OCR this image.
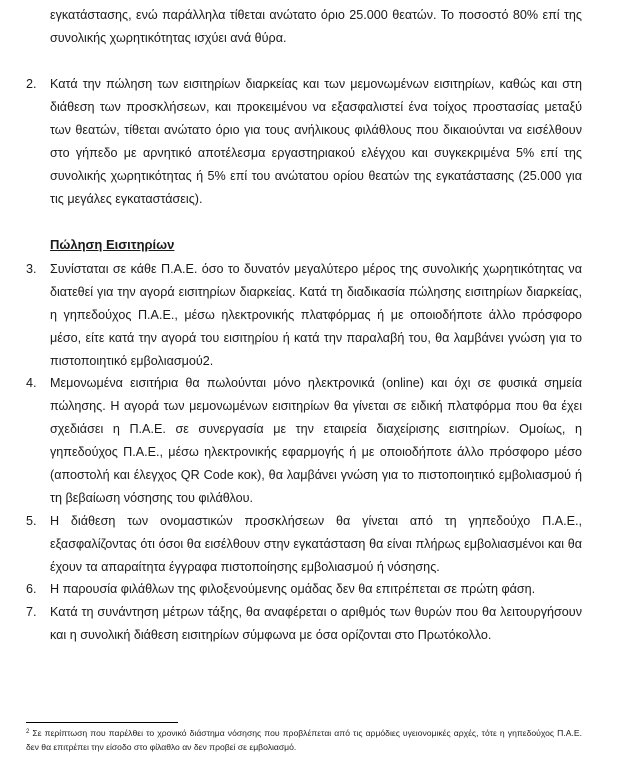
εγκατάστασης, ενώ παράλληλα τίθεται ανώτατο όριο 25.000 θεατών. Το ποσοστό 80% επί της συνολικής χωρητικότητας ισχύει ανά θύρα.
2.	Κατά την πώληση των εισιτηρίων διαρκείας και των μεμονωμένων εισιτηρίων, καθώς και στη διάθεση των προσκλήσεων, και προκειμένου να εξασφαλιστεί ένα τοίχος προστασίας μεταξύ των θεατών, τίθεται ανώτατο όριο για τους ανήλικους φιλάθλους που δικαιούνται να εισέλθουν στο γήπεδο με αρνητικό αποτέλεσμα εργαστηριακού ελέγχου και συγκεκριμένα 5% επί της συνολικής χωρητικότητας ή 5% επί του ανώτατου ορίου θεατών της εγκατάστασης (25.000 για τις μεγάλες εγκαταστάσεις).
Πώληση Εισιτηρίων
3.	Συνίσταται σε κάθε Π.Α.Ε. όσο το δυνατόν μεγαλύτερο μέρος της συνολικής χωρητικότητας να διατεθεί για την αγορά εισιτηρίων διαρκείας. Κατά τη διαδικασία πώλησης εισιτηρίων διαρκείας, η γηπεδούχος Π.Α.Ε., μέσω ηλεκτρονικής πλατφόρμας ή με οποιοδήποτε άλλο πρόσφορο μέσο, είτε κατά την αγορά του εισιτηρίου ή κατά την παραλαβή του, θα λαμβάνει γνώση για το πιστοποιητικό εμβολιασμού2.
4.	Μεμονωμένα εισιτήρια θα πωλούνται μόνο ηλεκτρονικά (online) και όχι σε φυσικά σημεία πώλησης. Η αγορά των μεμονωμένων εισιτηρίων θα γίνεται σε ειδική πλατφόρμα που θα έχει σχεδιάσει η Π.Α.Ε. σε συνεργασία με την εταιρεία διαχείρισης εισιτηρίων. Ομοίως, η γηπεδούχος Π.Α.Ε., μέσω ηλεκτρονικής εφαρμογής ή με οποιοδήποτε άλλο πρόσφορο μέσο (αποστολή και έλεγχος QR Code κοκ), θα λαμβάνει γνώση για το πιστοποιητικό εμβολιασμού ή τη βεβαίωση νόσησης του φιλάθλου.
5.	Η διάθεση των ονομαστικών προσκλήσεων θα γίνεται από τη γηπεδούχο Π.Α.Ε., εξασφαλίζοντας ότι όσοι θα εισέλθουν στην εγκατάσταση θα είναι πλήρως εμβολιασμένοι και θα έχουν τα απαραίτητα έγγραφα πιστοποίησης εμβολιασμού ή νόσησης.
6.	Η παρουσία φιλάθλων της φιλοξενούμενης ομάδας δεν θα επιτρέπεται σε πρώτη φάση.
7.	Κατά τη συνάντηση μέτρων τάξης, θα αναφέρεται ο αριθμός των θυρών που θα λειτουργήσουν και η συνολική διάθεση εισιτηρίων σύμφωνα με όσα ορίζονται στο Πρωτόκολλο.
$^2$ Σε περίπτωση που παρέλθει το χρονικό διάστημα νόσησης που προβλέπεται από τις αρμόδιες υγειονομικές αρχές, τότε η γηπεδούχος Π.Α.Ε. δεν θα επιτρέπει την είσοδο στο φίλαθλο αν δεν προβεί σε εμβολιασμό.
